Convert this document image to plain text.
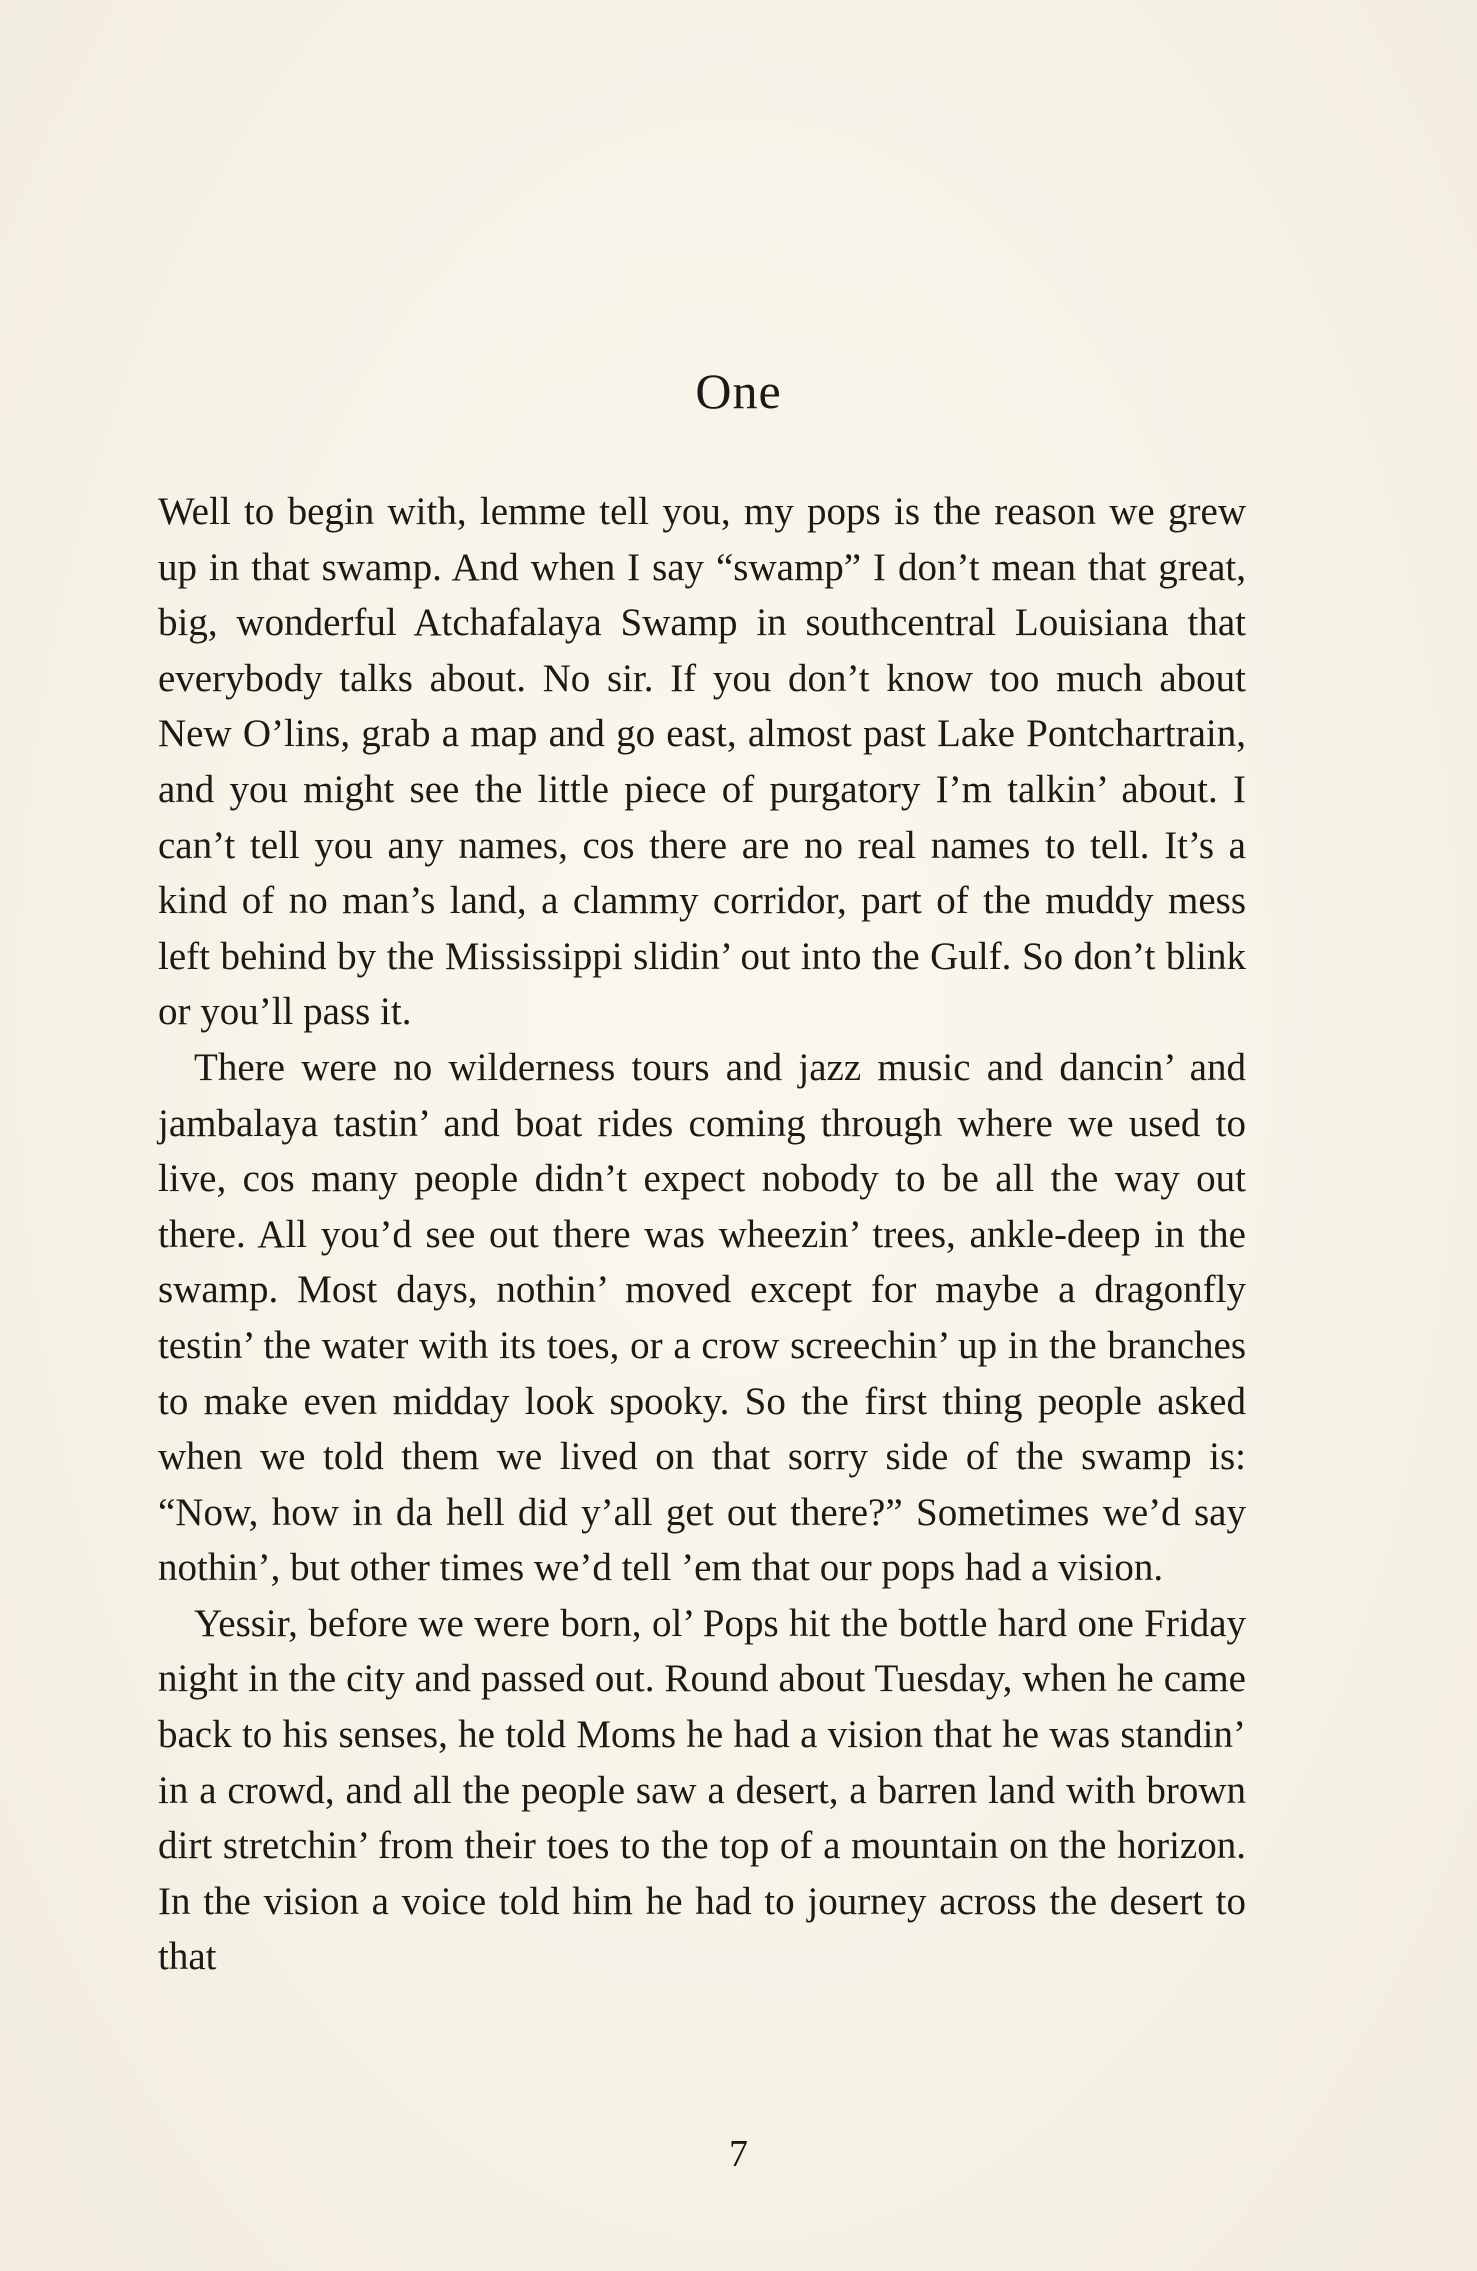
One

Well to begin with, lemme tell you, my pops is the reason we grew up in that swamp. And when I say “swamp” I don’t mean that great, big, wonderful Atchafalaya Swamp in southcentral Louisiana that everybody talks about. No sir. If you don’t know too much about New O’lins, grab a map and go east, almost past Lake Pontchartrain, and you might see the little piece of purgatory I’m talkin’ about. I can’t tell you any names, cos there are no real names to tell. It’s a kind of no man’s land, a clammy corridor, part of the muddy mess left behind by the Mississippi slidin’ out into the Gulf. So don’t blink or you’ll pass it.

There were no wilderness tours and jazz music and dancin’ and jambalaya tastin’ and boat rides coming through where we used to live, cos many people didn’t expect nobody to be all the way out there. All you’d see out there was wheezin’ trees, ankle-deep in the swamp. Most days, nothin’ moved except for maybe a dragonfly testin’ the water with its toes, or a crow screechin’ up in the branches to make even midday look spooky. So the first thing people asked when we told them we lived on that sorry side of the swamp is: “Now, how in da hell did y’all get out there?” Sometimes we’d say nothin’, but other times we’d tell ’em that our pops had a vision.

Yessir, before we were born, ol’ Pops hit the bottle hard one Friday night in the city and passed out. Round about Tuesday, when he came back to his senses, he told Moms he had a vision that he was standin’ in a crowd, and all the people saw a desert, a barren land with brown dirt stretchin’ from their toes to the top of a mountain on the horizon. In the vision a voice told him he had to journey across the desert to that

7
